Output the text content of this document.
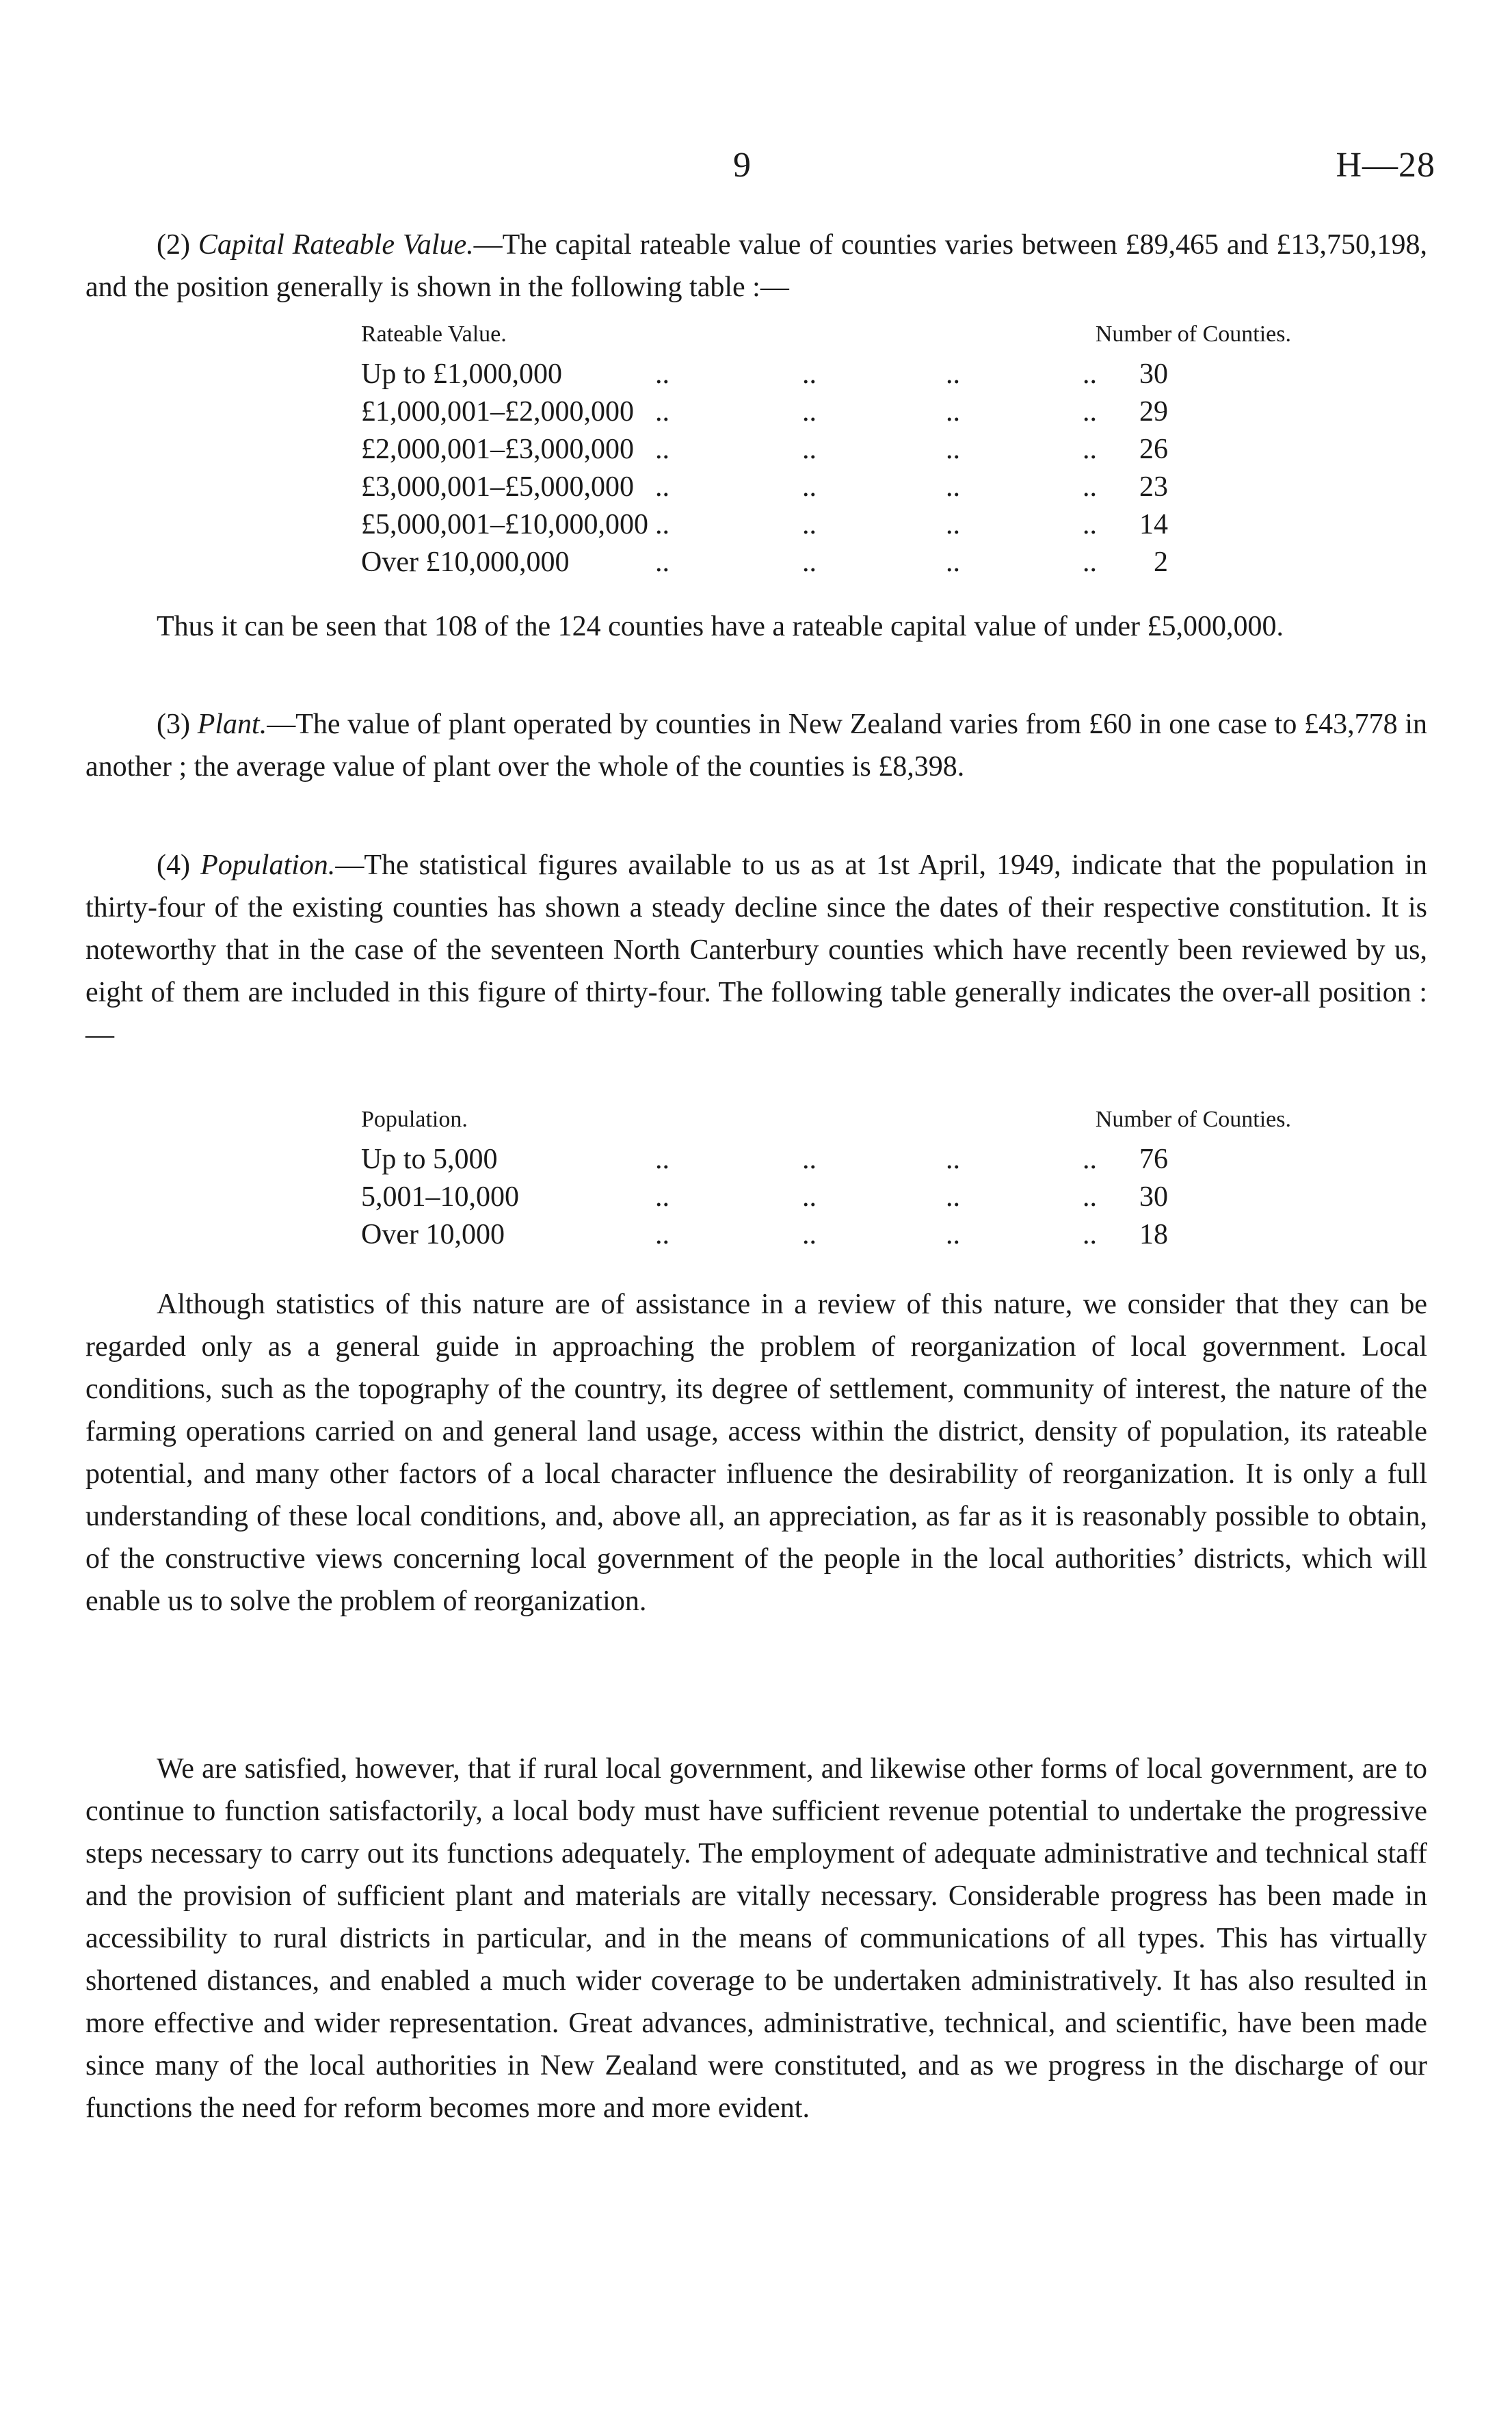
9	H—28

(2) Capital Rateable Value.—The capital rateable value of counties varies between £89,465 and £13,750,198, and the position generally is shown in the following table :—

Rateable Value.	Number of Counties.
Up to £1,000,000	..	..	..	.. 30
£1,000,001–£2,000,000 ..	..	..	.. 29
£2,000,001–£3,000,000 ..	..	..	.. 26
£3,000,001–£5,000,000 ..	..	..	.. 23
£5,000,001–£10,000,000 ..	..	..	.. 14
Over £10,000,000	..	..	..	.. 2

Thus it can be seen that 108 of the 124 counties have a rateable capital value of under £5,000,000.

(3) Plant.—The value of plant operated by counties in New Zealand varies from £60 in one case to £43,778 in another ; the average value of plant over the whole of the counties is £8,398.

(4) Population.—The statistical figures available to us as at 1st April, 1949, indicate that the population in thirty-four of the existing counties has shown a steady decline since the dates of their respective constitution. It is noteworthy that in the case of the seventeen North Canterbury counties which have recently been reviewed by us, eight of them are included in this figure of thirty-four. The following table generally indicates the over-all position :—

Population.	Number of Counties.
Up to 5,000	..	..	..	.. 76
5,001–10,000	..	..	..	.. 30
Over 10,000	..	..	..	.. 18

Although statistics of this nature are of assistance in a review of this nature, we consider that they can be regarded only as a general guide in approaching the problem of reorganization of local government. Local conditions, such as the topography of the country, its degree of settlement, community of interest, the nature of the farming operations carried on and general land usage, access within the district, density of population, its rateable potential, and many other factors of a local character influence the desirability of reorganization. It is only a full understanding of these local conditions, and, above all, an appreciation, as far as it is reasonably possible to obtain, of the constructive views concerning local government of the people in the local authorities’ districts, which will enable us to solve the problem of reorganization.

We are satisfied, however, that if rural local government, and likewise other forms of local government, are to continue to function satisfactorily, a local body must have sufficient revenue potential to undertake the progressive steps necessary to carry out its functions adequately. The employment of adequate administrative and technical staff and the provision of sufficient plant and materials are vitally necessary. Considerable progress has been made in accessibility to rural districts in particular, and in the means of communications of all types. This has virtually shortened distances, and enabled a much wider coverage to be undertaken administratively. It has also resulted in more effective and wider representation. Great advances, administrative, technical, and scientific, have been made since many of the local authorities in New Zealand were constituted, and as we progress in the discharge of our functions the need for reform becomes more and more evident.
